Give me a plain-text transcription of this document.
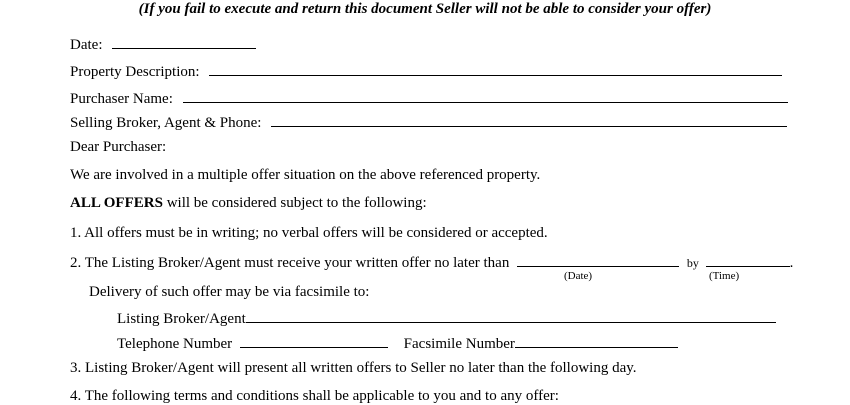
(If you fail to execute and return this document Seller will not be able to consider your offer)
Date:
Property Description:
Purchaser Name:
Selling Broker, Agent & Phone:
Dear Purchaser:
We are involved in a multiple offer situation on the above referenced property.
ALL OFFERS will be considered subject to the following:
1. All offers must be in writing; no verbal offers will be considered or accepted.
2. The Listing Broker/Agent must receive your written offer no later than	by	.
(Date)	(Time)
Delivery of such offer may be via facsimile to:
Listing Broker/Agent
Telephone Number	Facsimile Number
3. Listing Broker/Agent will present all written offers to Seller no later than the following day.
4. The following terms and conditions shall be applicable to you and to any offer:
